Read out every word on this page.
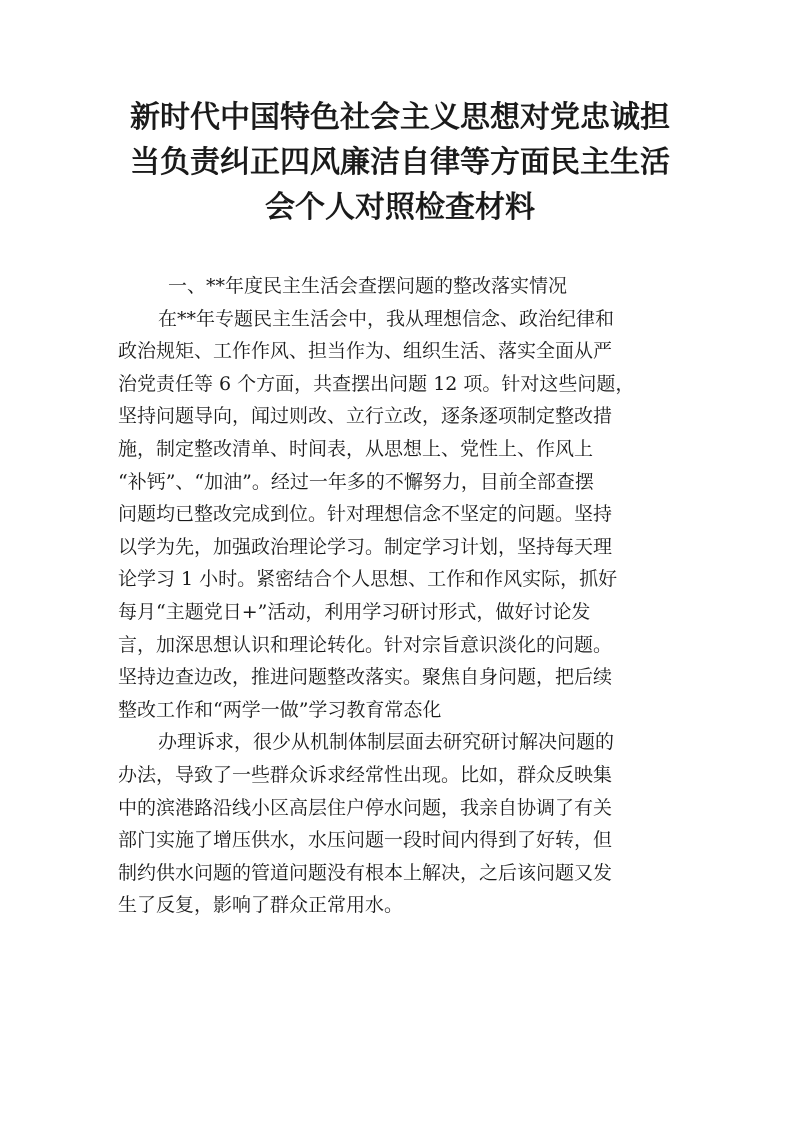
新时代中国特色社会主义思想对党忠诚担
当负责纠正四风廉洁自律等方面民主生活
会个人对照检查材料
一、**年度民主生活会查摆问题的整改落实情况
在**年专题民主生活会中，我从理想信念、政治纪律和
政治规矩、工作作风、担当作为、组织生活、落实全面从严
治党责任等 6 个方面，共查摆出问题 12 项。针对这些问题，
坚持问题导向，闻过则改、立行立改，逐条逐项制定整改措
施，制定整改清单、时间表，从思想上、党性上、作风上
“补钙”、“加油”。经过一年多的不懈努力，目前全部查摆
问题均已整改完成到位。针对理想信念不坚定的问题。坚持
以学为先，加强政治理论学习。制定学习计划，坚持每天理
论学习 1 小时。紧密结合个人思想、工作和作风实际，抓好
每月“主题党日+”活动，利用学习研讨形式，做好讨论发
言，加深思想认识和理论转化。针对宗旨意识淡化的问题。
坚持边查边改，推进问题整改落实。聚焦自身问题，把后续
整改工作和“两学一做”学习教育常态化
办理诉求，很少从机制体制层面去研究研讨解决问题的
办法，导致了一些群众诉求经常性出现。比如，群众反映集
中的滨港路沿线小区高层住户停水问题，我亲自协调了有关
部门实施了增压供水，水压问题一段时间内得到了好转，但
制约供水问题的管道问题没有根本上解决，之后该问题又发
生了反复，影响了群众正常用水。
